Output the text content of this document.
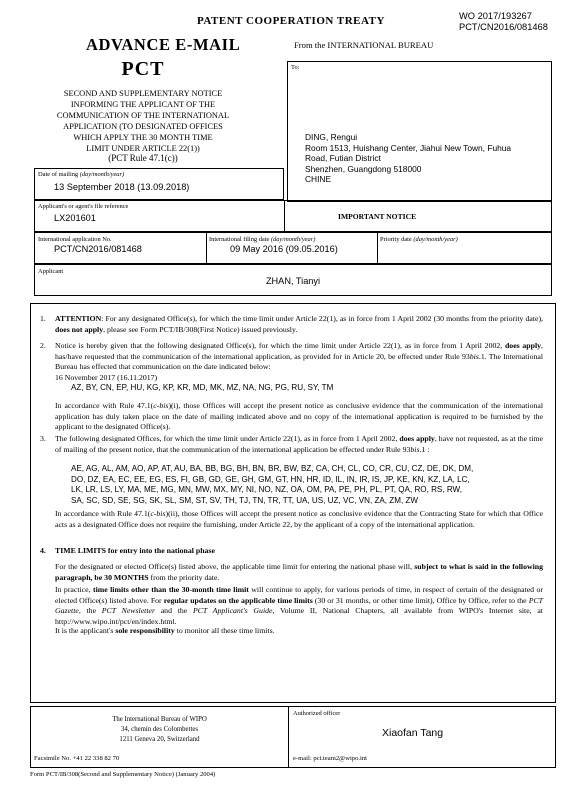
WO 2017/193267
PCT/CN2016/081468
PATENT COOPERATION TREATY
ADVANCE E-MAIL	From the INTERNATIONAL BUREAU
PCT
SECOND AND SUPPLEMENTARY NOTICE
INFORMING THE APPLICANT OF THE
COMMUNICATION OF THE INTERNATIONAL
APPLICATION (TO DESIGNATED OFFICES
WHICH APPLY THE 30 MONTH TIME
LIMIT UNDER ARTICLE 22(1))
(PCT Rule 47.1(c))
To:
DING, Rengui
Room 1513, Huishang Center, Jiahui New Town, Fuhua
Road, Futian District
Shenzhen, Guangdong 518000
CHINE
Date of mailing (day/month/year)
13 September 2018 (13.09.2018)
Applicant's or agent's file reference
LX201601	IMPORTANT NOTICE
International application No.
PCT/CN2016/081468
International filing date (day/month/year)
09 May 2016 (09.05.2016)
Priority date (day/month/year)
Applicant
ZHAN, Tianyi
1. ATTENTION: For any designated Office(s), for which the time limit under Article 22(1), as in force from 1 April 2002 (30 months from the priority date), does not apply, please see Form PCT/IB/308(First Notice) issued previously.
2. Notice is hereby given that the following designated Office(s), for which the time limit under Article 22(1), as in force from 1 April 2002, does apply, has/have requested that the communication of the international application, as provided for in Article 20, be effected under Rule 93bis.1. The International Bureau has effected that communication on the date indicated below:
16 November 2017 (16.11.2017)
AZ, BY, CN, EP, HU, KG, KP, KR, MD, MK, MZ, NA, NG, PG, RU, SY, TM
In accordance with Rule 47.1(c-bis)(i), those Offices will accept the present notice as conclusive evidence that the communication of the international application has duly taken place on the date of mailing indicated above and no copy of the international application is required to be furnished by the applicant to the designated Office(s).
3. The following designated Offices, for which the time limit under Article 22(1), as in force from 1 April 2002, does apply, have not requested, as at the time of mailing of the present notice, that the communication of the international application be effected under Rule 93bis.1 :
AE, AG, AL, AM, AO, AP, AT, AU, BA, BB, BG, BH, BN, BR, BW, BZ, CA, CH, CL, CO, CR, CU, CZ, DE, DK, DM,
DO, DZ, EA, EC, EE, EG, ES, FI, GB, GD, GE, GH, GM, GT, HN, HR, ID, IL, IN, IR, IS, JP, KE, KN, KZ, LA, LC,
LK, LR, LS, LY, MA, ME, MG, MN, MW, MX, MY, NI, NO, NZ, OA, OM, PA, PE, PH, PL, PT, QA, RO, RS, RW,
SA, SC, SD, SE, SG, SK, SL, SM, ST, SV, TH, TJ, TN, TR, TT, UA, US, UZ, VC, VN, ZA, ZM, ZW
In accordance with Rule 47.1(c-bis)(ii), those Offices will accept the present notice as conclusive evidence that the Contracting State for which that Office acts as a designated Office does not require the furnishing, under Article 22, by the applicant of a copy of the international application.
4. TIME LIMITS for entry into the national phase
For the designated or elected Office(s) listed above, the applicable time limit for entering the national phase will, subject to what is said in the following paragraph, be 30 MONTHS from the priority date.
In practice, time limits other than the 30-month time limit will continue to apply, for various periods of time, in respect of certain of the designated or elected Office(s) listed above. For regular updates on the applicable time limits (30 or 31 months, or other time limit), Office by Office, refer to the PCT Gazette, the PCT Newsletter and the PCT Applicant's Guide, Volume II, National Chapters, all available from WIPO's Internet site, at http://www.wipo.int/pct/en/index.html.
It is the applicant's sole responsibility to monitor all these time limits.
The International Bureau of WIPO
34, chemin des Colombettes
1211 Geneva 20, Switzerland
Facsimile No. +41 22 338 82 70
Authorized officer
Xiaofan Tang
e-mail: pct.team2@wipo.int
Form PCT/IB/308(Second and Supplementary Notice) (January 2004)
